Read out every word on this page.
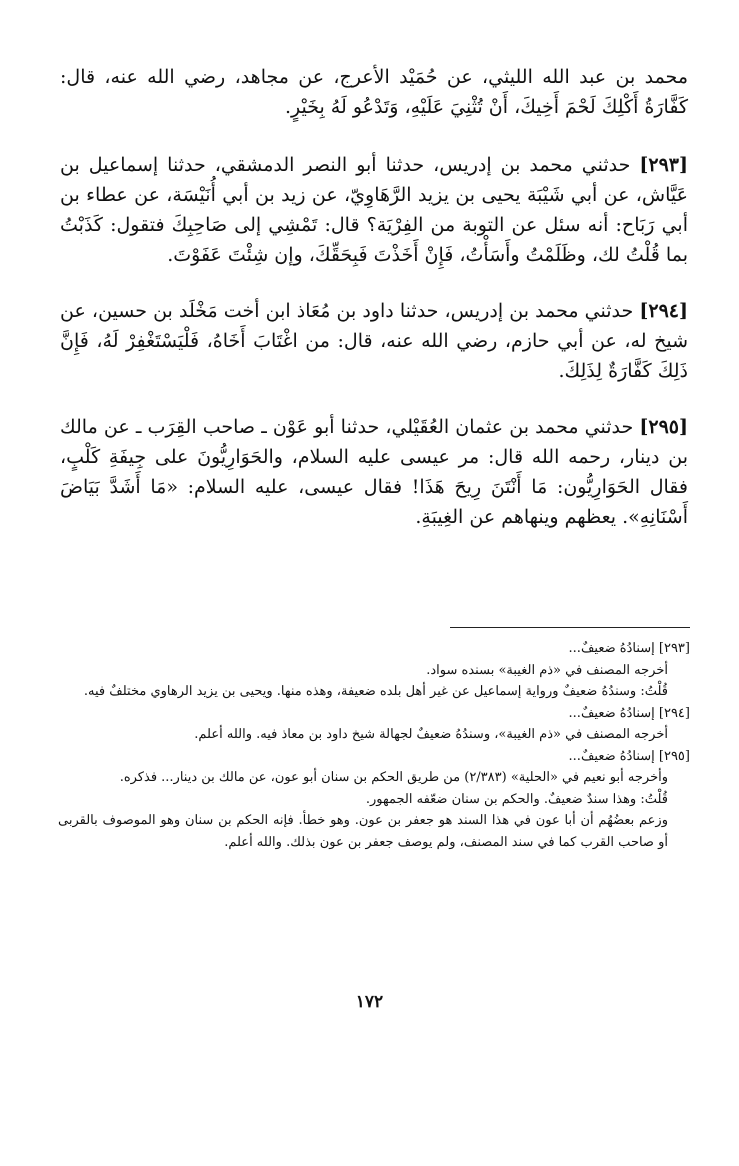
محمد بن عبد الله الليثي، عن حُمَيْد الأعرج، عن مجاهد، رضي الله عنه، قال: كَفَّارَةُ أَكْلِكَ لَحْمَ أَخِيكَ، أَنْ تُثْنِيَ عَلَيْهِ، وَتَدْعُو لَهُ بِخَيْرٍ.

[٢٩٣] حدثني محمد بن إدريس، حدثنا أبو النصر الدمشقي، حدثنا إسماعيل بن عَيَّاش، عن أبي شَيْبَة يحيى بن يزيد الرَّهَاوِيّ، عن زيد بن أبي أُنَيْسَة، عن عطاء بن أبي رَبَاح: أنه سئل عن التوبة من الفِرْيَة؟ قال: تَمْشِي إلى صَاحِبِكَ فتقول: كَذَبْتُ بما قُلْتُ لك، وظَلَمْتُ وأَسَأْتُ، فَإِنْ أَخَذْتَ فَبِحَقِّكَ، وإن شِئْتَ عَفَوْتَ.

[٢٩٤] حدثني محمد بن إدريس، حدثنا داود بن مُعَاذ ابن أخت مَخْلَد بن حسين، عن شيخ له، عن أبي حازم، رضي الله عنه، قال: من اغْتَابَ أَخَاهُ، فَلْيَسْتَغْفِرْ لَهُ، فَإِنَّ ذَلِكَ كَفَّارَةٌ لِذَلِكَ.

[٢٩٥] حدثني محمد بن عثمان العُقَيْلي، حدثنا أبو عَوْن ـ صاحب القِرَب ـ عن مالك بن دينار، رحمه الله قال: مر عيسى عليه السلام، والحَوَارِيُّونَ على جِيفَةِ كَلْبٍ، فقال الحَوَارِيُّون: مَا أَنْتَنَ رِيحَ هَذَا! فقال عيسى، عليه السلام: «مَا أَشَدَّ بَيَاضَ أَسْنَانِهِ». يعظهم وينهاهم عن الغِيبَةِ.

[٢٩٣] إسنادُهُ ضعيفٌ...

أخرجه المصنف في «ذم الغيبة» بسنده سواد.

قُلْتُ: وسندُهُ ضعيفٌ ورواية إسماعيل عن غير أهل بلده ضعيفة، وهذه منها. ويحيى بن يزيد الرهاوي مختلفٌ فيه.

[٢٩٤] إسنادُهُ ضعيفٌ...

أخرجه المصنف في «ذم الغيبة»، وسندُهُ ضعيفٌ لجهالة شيخ داود بن معاذ فيه. والله أعلم.

[٢٩٥] إسنادُهُ ضعيفٌ...

وأخرجه أبو نعيم في «الحلية» (٢/٣٨٣) من طريق الحكم بن سنان أبو عون، عن مالك بن دينار... فذكره.

قُلْتُ: وهذا سندٌ ضعيفٌ. والحكم بن سنان ضعّفه الجمهور.

وزعم بعضُهُم أن أبا عون في هذا السند هو جعفر بن عون. وهو خطأ. فإنه الحكم بن سنان وهو الموصوف بالقربى أو صاحب القرب كما في سند المصنف، ولم يوصف جعفر بن عون بذلك. والله أعلم.

١٧٢
